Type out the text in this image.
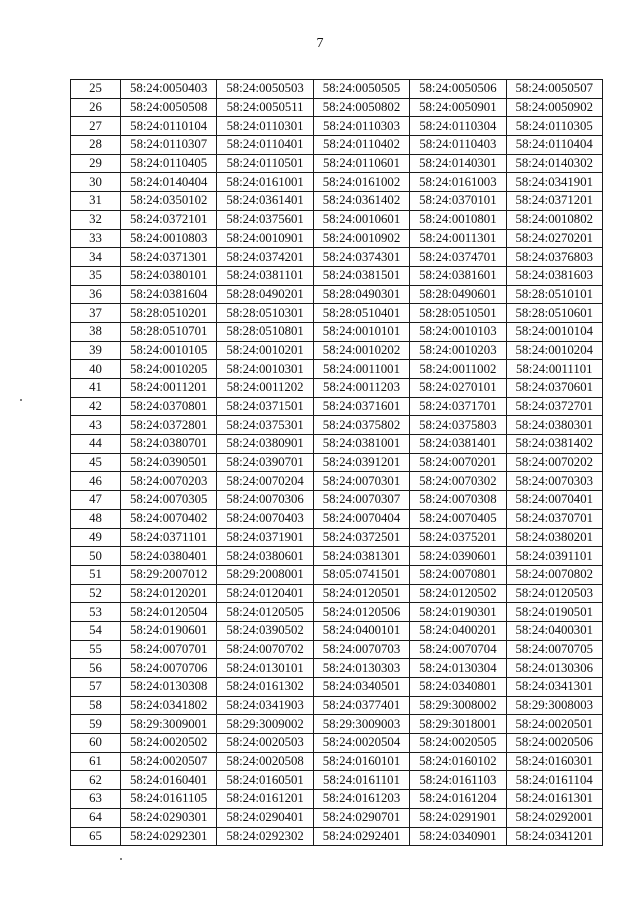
7
25	58:24:0050403	58:24:0050503	58:24:0050505	58:24:0050506	58:24:0050507
26	58:24:0050508	58:24:0050511	58:24:0050802	58:24:0050901	58:24:0050902
27	58:24:0110104	58:24:0110301	58:24:0110303	58:24:0110304	58:24:0110305
28	58:24:0110307	58:24:0110401	58:24:0110402	58:24:0110403	58:24:0110404
29	58:24:0110405	58:24:0110501	58:24:0110601	58:24:0140301	58:24:0140302
30	58:24:0140404	58:24:0161001	58:24:0161002	58:24:0161003	58:24:0341901
31	58:24:0350102	58:24:0361401	58:24:0361402	58:24:0370101	58:24:0371201
32	58:24:0372101	58:24:0375601	58:24:0010601	58:24:0010801	58:24:0010802
33	58:24:0010803	58:24:0010901	58:24:0010902	58:24:0011301	58:24:0270201
34	58:24:0371301	58:24:0374201	58:24:0374301	58:24:0374701	58:24:0376803
35	58:24:0380101	58:24:0381101	58:24:0381501	58:24:0381601	58:24:0381603
36	58:24:0381604	58:28:0490201	58:28:0490301	58:28:0490601	58:28:0510101
37	58:28:0510201	58:28:0510301	58:28:0510401	58:28:0510501	58:28:0510601
38	58:28:0510701	58:28:0510801	58:24:0010101	58:24:0010103	58:24:0010104
39	58:24:0010105	58:24:0010201	58:24:0010202	58:24:0010203	58:24:0010204
40	58:24:0010205	58:24:0010301	58:24:0011001	58:24:0011002	58:24:0011101
41	58:24:0011201	58:24:0011202	58:24:0011203	58:24:0270101	58:24:0370601
42	58:24:0370801	58:24:0371501	58:24:0371601	58:24:0371701	58:24:0372701
43	58:24:0372801	58:24:0375301	58:24:0375802	58:24:0375803	58:24:0380301
44	58:24:0380701	58:24:0380901	58:24:0381001	58:24:0381401	58:24:0381402
45	58:24:0390501	58:24:0390701	58:24:0391201	58:24:0070201	58:24:0070202
46	58:24:0070203	58:24:0070204	58:24:0070301	58:24:0070302	58:24:0070303
47	58:24:0070305	58:24:0070306	58:24:0070307	58:24:0070308	58:24:0070401
48	58:24:0070402	58:24:0070403	58:24:0070404	58:24:0070405	58:24:0370701
49	58:24:0371101	58:24:0371901	58:24:0372501	58:24:0375201	58:24:0380201
50	58:24:0380401	58:24:0380601	58:24:0381301	58:24:0390601	58:24:0391101
51	58:29:2007012	58:29:2008001	58:05:0741501	58:24:0070801	58:24:0070802
52	58:24:0120201	58:24:0120401	58:24:0120501	58:24:0120502	58:24:0120503
53	58:24:0120504	58:24:0120505	58:24:0120506	58:24:0190301	58:24:0190501
54	58:24:0190601	58:24:0390502	58:24:0400101	58:24:0400201	58:24:0400301
55	58:24:0070701	58:24:0070702	58:24:0070703	58:24:0070704	58:24:0070705
56	58:24:0070706	58:24:0130101	58:24:0130303	58:24:0130304	58:24:0130306
57	58:24:0130308	58:24:0161302	58:24:0340501	58:24:0340801	58:24:0341301
58	58:24:0341802	58:24:0341903	58:24:0377401	58:29:3008002	58:29:3008003
59	58:29:3009001	58:29:3009002	58:29:3009003	58:29:3018001	58:24:0020501
60	58:24:0020502	58:24:0020503	58:24:0020504	58:24:0020505	58:24:0020506
61	58:24:0020507	58:24:0020508	58:24:0160101	58:24:0160102	58:24:0160301
62	58:24:0160401	58:24:0160501	58:24:0161101	58:24:0161103	58:24:0161104
63	58:24:0161105	58:24:0161201	58:24:0161203	58:24:0161204	58:24:0161301
64	58:24:0290301	58:24:0290401	58:24:0290701	58:24:0291901	58:24:0292001
65	58:24:0292301	58:24:0292302	58:24:0292401	58:24:0340901	58:24:0341201
